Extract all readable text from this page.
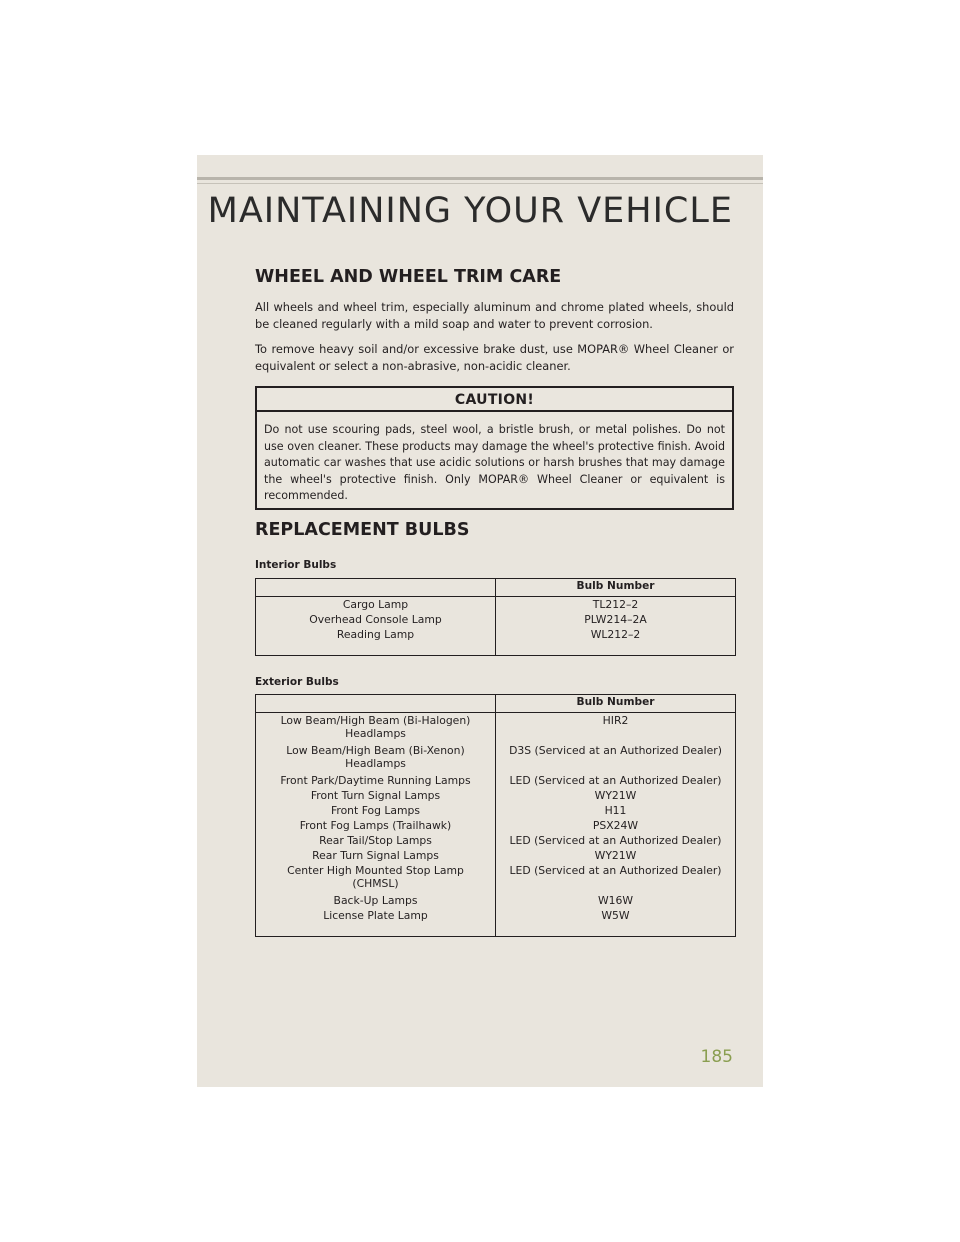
MAINTAINING YOUR VEHICLE
WHEEL AND WHEEL TRIM CARE
All wheels and wheel trim, especially aluminum and chrome plated wheels, should be cleaned regularly with a mild soap and water to prevent corrosion.
To remove heavy soil and/or excessive brake dust, use MOPAR® Wheel Cleaner or equivalent or select a non-abrasive, non-acidic cleaner.
CAUTION!
Do not use scouring pads, steel wool, a bristle brush, or metal polishes. Do not use oven cleaner. These products may damage the wheel's protective finish. Avoid automatic car washes that use acidic solutions or harsh brushes that may damage the wheel's protective finish. Only MOPAR® Wheel Cleaner or equivalent is recommended.
REPLACEMENT BULBS
Interior Bulbs
	Bulb Number
Cargo Lamp	TL212–2
Overhead Console Lamp	PLW214–2A
Reading Lamp	WL212–2
Exterior Bulbs
	Bulb Number
Low Beam/High Beam (Bi-Halogen) Headlamps	HIR2
Low Beam/High Beam (Bi-Xenon) Headlamps	D3S (Serviced at an Authorized Dealer)
Front Park/Daytime Running Lamps	LED (Serviced at an Authorized Dealer)
Front Turn Signal Lamps	WY21W
Front Fog Lamps	H11
Front Fog Lamps (Trailhawk)	PSX24W
Rear Tail/Stop Lamps	LED (Serviced at an Authorized Dealer)
Rear Turn Signal Lamps	WY21W
Center High Mounted Stop Lamp (CHMSL)	LED (Serviced at an Authorized Dealer)
Back-Up Lamps	W16W
License Plate Lamp	W5W
185
